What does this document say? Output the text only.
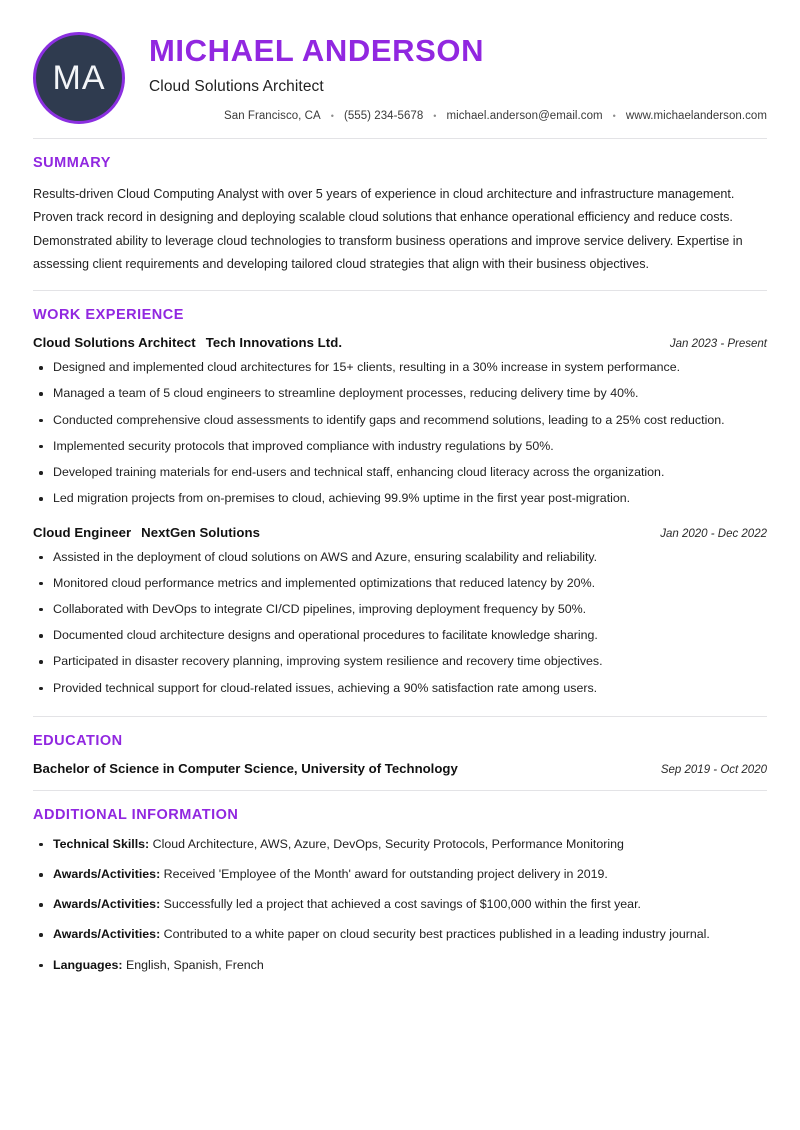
MA
MICHAEL ANDERSON
Cloud Solutions Architect
San Francisco, CA • (555) 234-5678 • michael.anderson@email.com • www.michaelanderson.com
SUMMARY

Results-driven Cloud Computing Analyst with over 5 years of experience in cloud architecture and infrastructure management. Proven track record in designing and deploying scalable cloud solutions that enhance operational efficiency and reduce costs. Demonstrated ability to leverage cloud technologies to transform business operations and improve service delivery. Expertise in assessing client requirements and developing tailored cloud strategies that align with their business objectives.

WORK EXPERIENCE
Cloud Solutions Architect Tech Innovations Ltd.	Jan 2023 - Present
Designed and implemented cloud architectures for 15+ clients, resulting in a 30% increase in system performance.
Managed a team of 5 cloud engineers to streamline deployment processes, reducing delivery time by 40%.
Conducted comprehensive cloud assessments to identify gaps and recommend solutions, leading to a 25% cost reduction.
Implemented security protocols that improved compliance with industry regulations by 50%.
Developed training materials for end-users and technical staff, enhancing cloud literacy across the organization.
Led migration projects from on-premises to cloud, achieving 99.9% uptime in the first year post-migration.
Cloud Engineer NextGen Solutions	Jan 2020 - Dec 2022
Assisted in the deployment of cloud solutions on AWS and Azure, ensuring scalability and reliability.
Monitored cloud performance metrics and implemented optimizations that reduced latency by 20%.
Collaborated with DevOps to integrate CI/CD pipelines, improving deployment frequency by 50%.
Documented cloud architecture designs and operational procedures to facilitate knowledge sharing.
Participated in disaster recovery planning, improving system resilience and recovery time objectives.
Provided technical support for cloud-related issues, achieving a 90% satisfaction rate among users.
EDUCATION
Bachelor of Science in Computer Science, University of Technology	Sep 2019 - Oct 2020
ADDITIONAL INFORMATION
Technical Skills: Cloud Architecture, AWS, Azure, DevOps, Security Protocols, Performance Monitoring
Awards/Activities: Received 'Employee of the Month' award for outstanding project delivery in 2019.
Awards/Activities: Successfully led a project that achieved a cost savings of $100,000 within the first year.
Awards/Activities: Contributed to a white paper on cloud security best practices published in a leading industry journal.
Languages: English, Spanish, French
